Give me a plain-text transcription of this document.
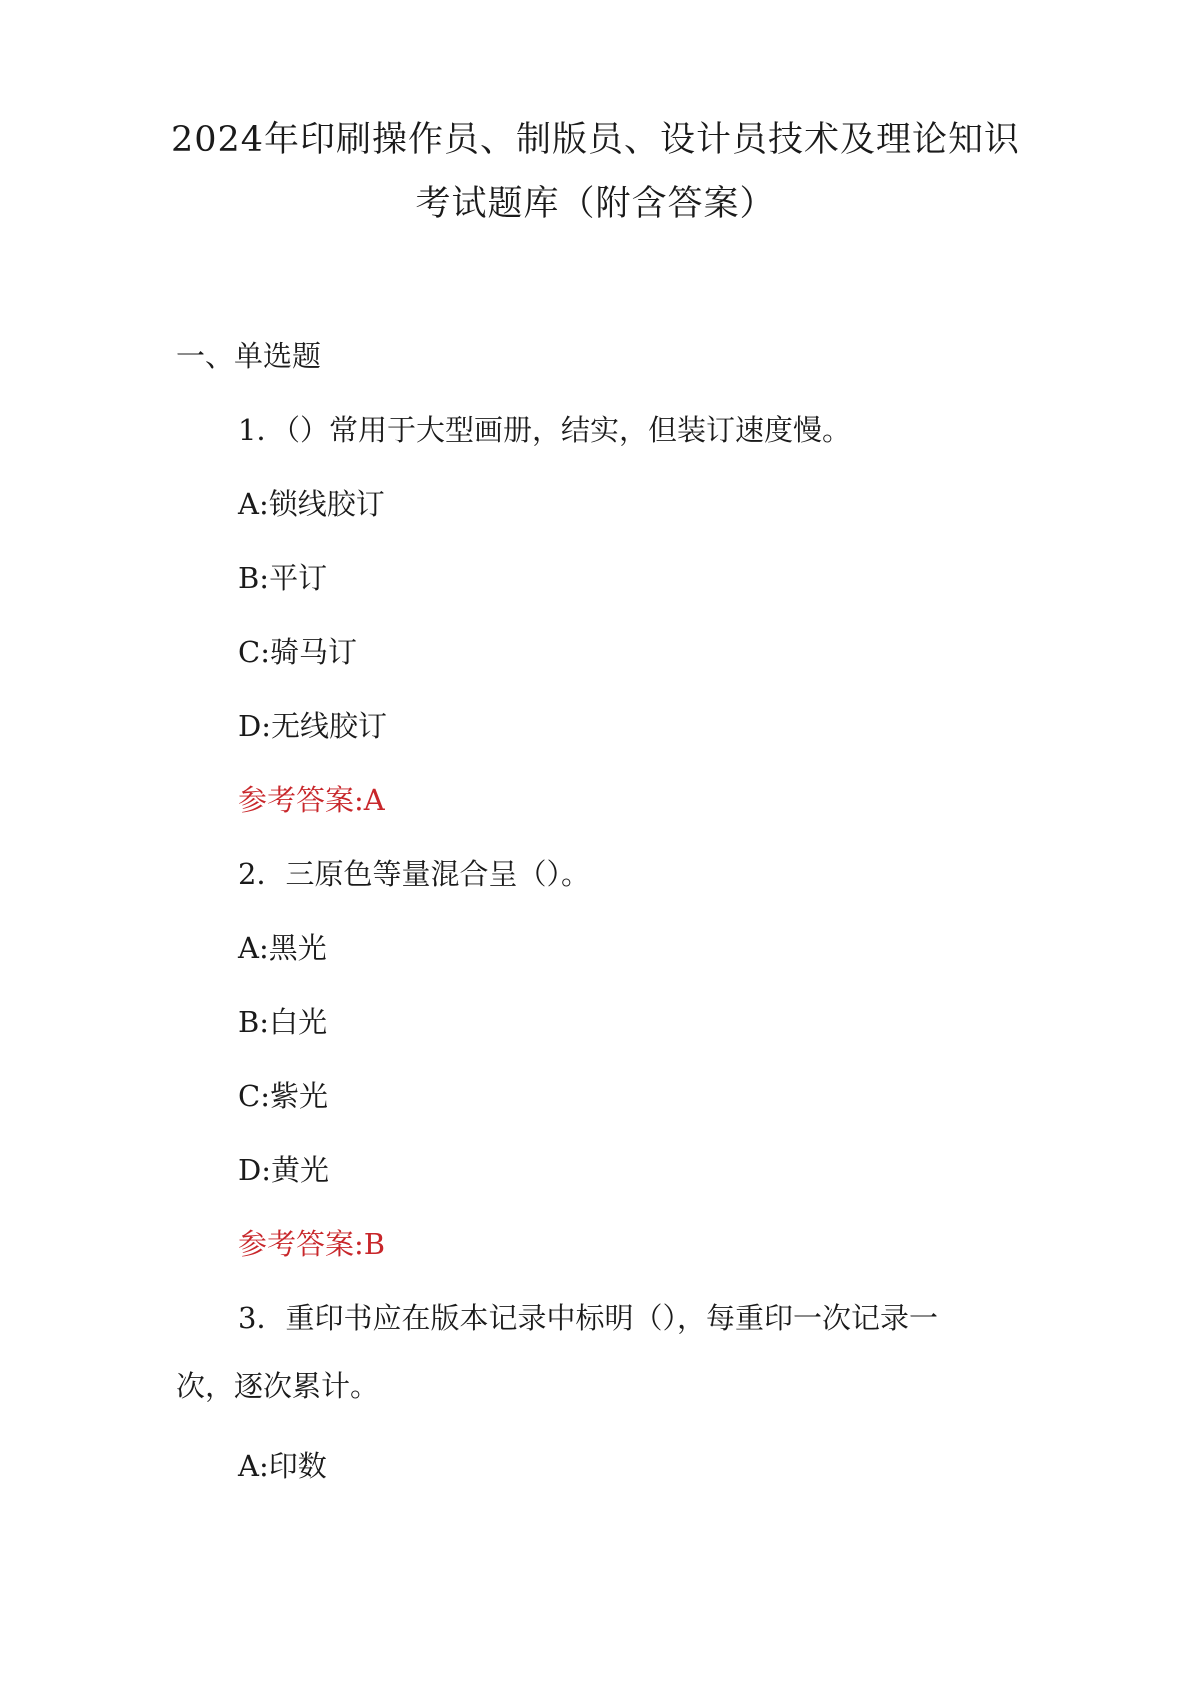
2024年印刷操作员、制版员、设计员技术及理论知识
考试题库（附含答案）
一、单选题
1．（）常用于大型画册，结实，但装订速度慢。
A:锁线胶订
B:平订
C:骑马订
D:无线胶订
参考答案:A
2．三原色等量混合呈（）。
A:黑光
B:白光
C:紫光
D:黄光
参考答案:B
3．重印书应在版本记录中标明（），每重印一次记录一
次，逐次累计。
A:印数
